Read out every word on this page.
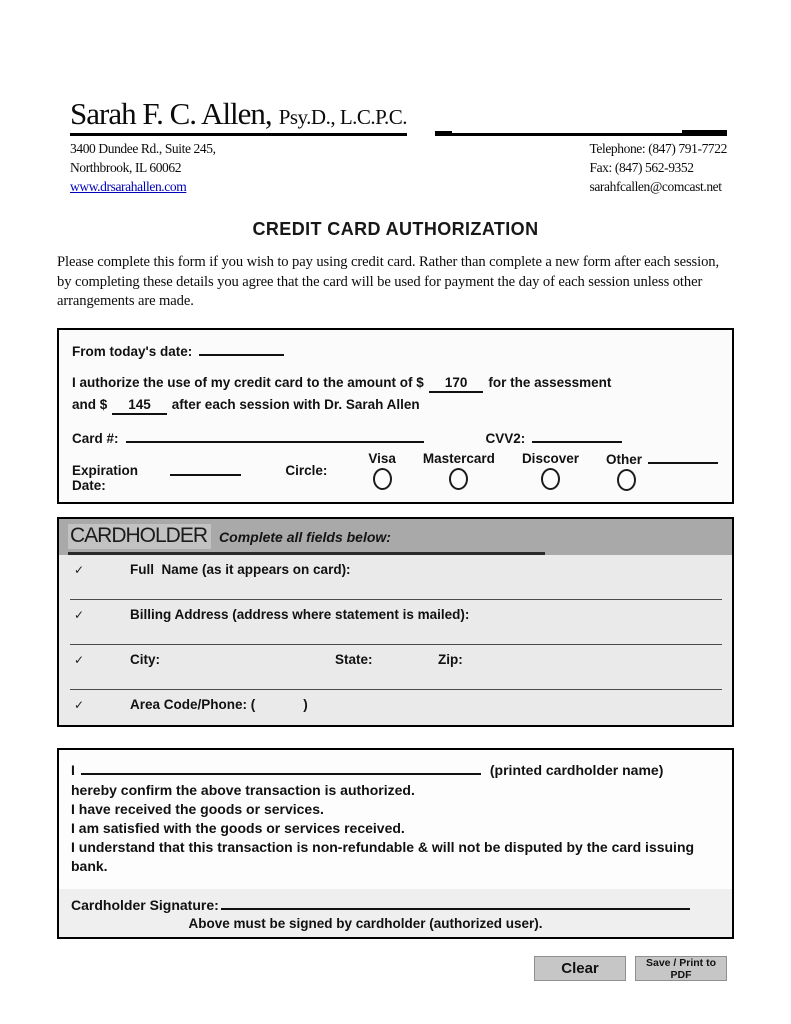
Sarah F. C. Allen, Psy.D., L.C.P.C.
3400 Dundee Rd., Suite 245,
Northbrook, IL 60062
www.drsarahallen.com
Telephone: (847) 791-7722
Fax: (847) 562-9352
sarahfcallen@comcast.net
CREDIT CARD AUTHORIZATION

Please complete this form if you wish to pay using credit card. Rather than complete a new form after each session, by completing these details you agree that the card will be used for payment the day of each session unless other arrangements are made.

From today's date:
I authorize the use of my credit card to the amount of $ 170 for the assessment
and $ 145 after each session with Dr. Sarah Allen
Card #:	CVV2:
Expiration Date:
Circle:
Visa Mastercard Discover Other
CARDHOLDER Complete all fields below:
✓	Full  Name (as it appears on card):
✓	Billing Address (address where statement is mailed):
✓	City:	State:	Zip:
✓	Area Code/Phone: (	)
I	(printed cardholder name)
hereby confirm the above transaction is authorized.
I have received the goods or services.
I am satisfied with the goods or services received.
I understand that this transaction is non-refundable & will not be disputed by the card issuing bank.
Cardholder Signature:
Above must be signed by cardholder (authorized user).
Clear	Save / Print to PDF
